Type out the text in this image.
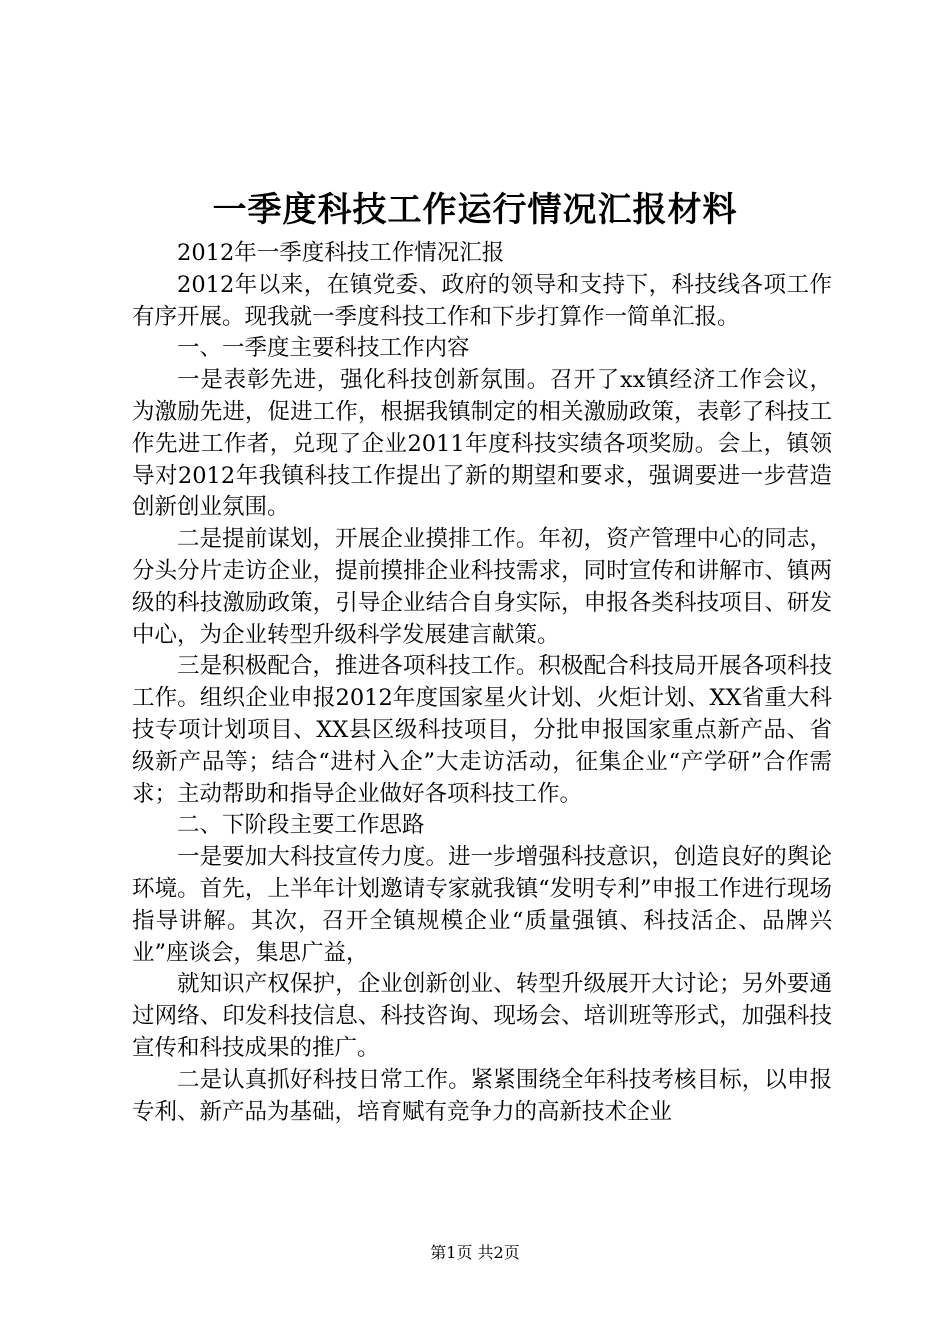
一季度科技工作运行情况汇报材料

2012年一季度科技工作情况汇报

2012年以来，在镇党委、政府的领导和支持下，科技线各项工作有序开展。现我就一季度科技工作和下步打算作一简单汇报。

一、一季度主要科技工作内容

一是表彰先进，强化科技创新氛围。召开了xx镇经济工作会议，为激励先进，促进工作，根据我镇制定的相关激励政策，表彰了科技工作先进工作者，兑现了企业2011年度科技实绩各项奖励。会上，镇领导对2012年我镇科技工作提出了新的期望和要求，强调要进一步营造创新创业氛围。

二是提前谋划，开展企业摸排工作。年初，资产管理中心的同志，分头分片走访企业，提前摸排企业科技需求，同时宣传和讲解市、镇两级的科技激励政策，引导企业结合自身实际，申报各类科技项目、研发中心，为企业转型升级科学发展建言献策。

三是积极配合，推进各项科技工作。积极配合科技局开展各项科技工作。组织企业申报2012年度国家星火计划、火炬计划、XX省重大科技专项计划项目、XX县区级科技项目，分批申报国家重点新产品、省级新产品等；结合“进村入企”大走访活动，征集企业“产学研”合作需求；主动帮助和指导企业做好各项科技工作。

二、下阶段主要工作思路

一是要加大科技宣传力度。进一步增强科技意识，创造良好的舆论环境。首先，上半年计划邀请专家就我镇“发明专利”申报工作进行现场指导讲解。其次，召开全镇规模企业“质量强镇、科技活企、品牌兴业”座谈会，集思广益，

就知识产权保护，企业创新创业、转型升级展开大讨论；另外要通过网络、印发科技信息、科技咨询、现场会、培训班等形式，加强科技宣传和科技成果的推广。

二是认真抓好科技日常工作。紧紧围绕全年科技考核目标，以申报专利、新产品为基础，培育赋有竞争力的高新技术企业

第1页 共2页
